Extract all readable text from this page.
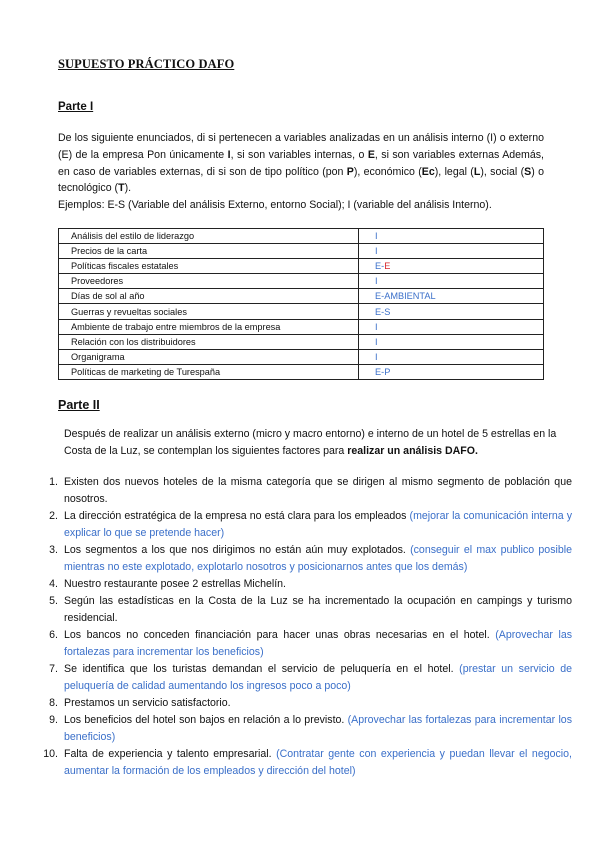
SUPUESTO PRÁCTICO DAFO
Parte I
De los siguiente enunciados, di si pertenecen a variables analizadas en un análisis interno (I) o externo (E) de la empresa Pon únicamente I, si son variables internas, o E, si son variables externas Además, en caso de variables externas, di si son de tipo político (pon P), económico (Ec), legal (L), social (S) o tecnológico (T).
Ejemplos: E-S (Variable del análisis Externo, entorno Social); I (variable del análisis Interno).
Análisis del estilo de liderazgo	I
Precios de la carta	I
Políticas fiscales estatales	E-E
Proveedores	I
Días de sol al año	E-AMBIENTAL
Guerras y revueltas sociales	E-S
Ambiente de trabajo entre miembros de la empresa	I
Relación con los distribuidores	I
Organigrama	I
Políticas de marketing de Turespaña	E-P
Parte II
Después de realizar un análisis externo (micro y macro entorno) e interno de un hotel de 5 estrellas en la Costa de la Luz, se contemplan los siguientes factores para realizar un análisis DAFO.
1. Existen dos nuevos hoteles de la misma categoría que se dirigen al mismo segmento de población que nosotros.
2. La dirección estratégica de la empresa no está clara para los empleados (mejorar la comunicación interna y explicar lo que se pretende hacer)
3. Los segmentos a los que nos dirigimos no están aún muy explotados. (conseguir el max publico posible mientras no este explotado, explotarlo nosotros y posicionarnos antes que los demás)
4. Nuestro restaurante posee 2 estrellas Michelín.
5. Según las estadísticas en la Costa de la Luz se ha incrementado la ocupación en campings y turismo residencial.
6. Los bancos no conceden financiación para hacer unas obras necesarias en el hotel. (Aprovechar las fortalezas para incrementar los beneficios)
7. Se identifica que los turistas demandan el servicio de peluquería en el hotel. (prestar un servicio de peluquería de calidad aumentando los ingresos poco a poco)
8. Prestamos un servicio satisfactorio.
9. Los beneficios del hotel son bajos en relación a lo previsto. (Aprovechar las fortalezas para incrementar los beneficios)
10. Falta de experiencia y talento empresarial. (Contratar gente con experiencia y puedan llevar el negocio, aumentar la formación de los empleados y dirección del hotel)
